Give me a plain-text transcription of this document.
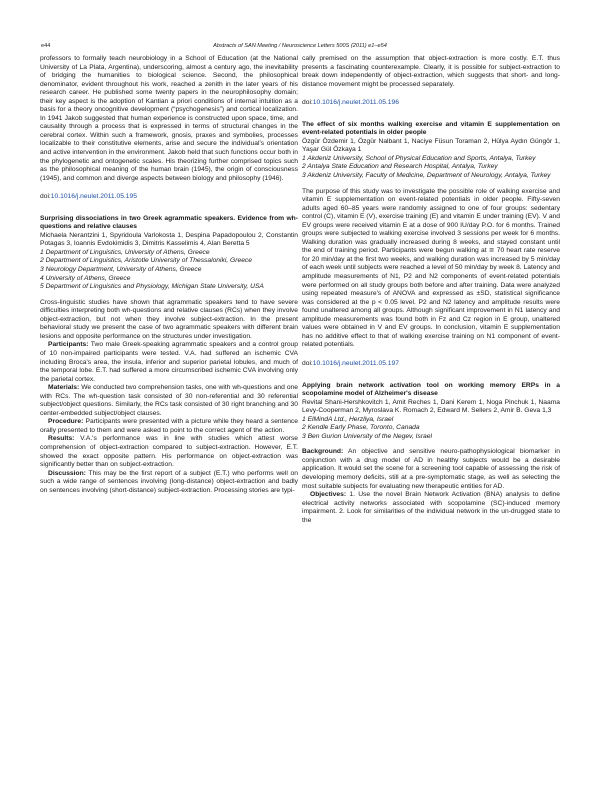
e44	Abstracts of SAN Meeting / Neuroscience Letters 500S (2011) e1–e54

professors to formally teach neurobiology in a School of Education (at the National University of La Plata, Argentina), underscoring, almost a century ago, the inevitability of bridging the humanities to biological science. Second, the philosophical denominator, evident throughout his work, reached a zenith in the later years of his research career. He published some twenty papers in the neurophilosophy domain; their key aspect is the adoption of Kantian a priori conditions of internal intuition as a basis for a theory oncognitive development (“psychogenesis”) and cortical localization. In 1941 Jakob suggested that human experience is constructed upon space, time, and causality through a process that is expressed in terms of structural changes in the cerebral cortex. Within such a framework, gnosis, praxes and symbolies, processes localizable to their constitutive elements, arise and secure the individual's orientation and active intervention in the environment. Jakob held that such functions occur both in the phylogenetic and ontogenetic scales. His theorizing further comprised topics such as the philosophical meaning of the human brain (1945), the origin of consciousness (1945), and common and diverge aspects between biology and philosophy (1946).

doi:10.1016/j.neulet.2011.05.195

Surprising dissociations in two Greek agrammatic speakers. Evidence from wh-questions and relative clauses

Michaela Nerantzini 1, Spyridoula Varlokosta 1, Despina Papadopoulou 2, Constantin Potagas 3, Ioannis Evdokimidis 3, Dimitris Kasselimis 4, Alan Beretta 5

1 Department of Linguistics, University of Athens, Greece

2 Department of Linguistics, Aristotle University of Thessaloniki, Greece

3 Neurology Department, University of Athens, Greece

4 University of Athens, Greece

5 Department of Linguistics and Physiology, Michigan State University, USA

Cross-linguistic studies have shown that agrammatic speakers tend to have severe difficulties interpreting both wh-questions and relative clauses (RCs) when they involve object-extraction, but not when they involve subject-extraction. In the present behavioral study we present the case of two agrammatic speakers with different brain lesions and opposite performance on the structures under investigation.

Participants: Two male Greek-speaking agrammatic speakers and a control group of 10 non-impaired participants were tested. V.A. had suffered an ischemic CVA including Broca's area, the insula, inferior and superior parietal lobules, and much of the temporal lobe. E.T. had suffered a more circumscribed ischemic CVA involving only the parietal cortex.

Materials: We conducted two comprehension tasks, one with wh-questions and one with RCs. The wh-question task consisted of 30 non-referential and 30 referential subject/object questions. Similarly, the RCs task consisted of 30 right branching and 30 center-embedded subject/object clauses.

Procedure: Participants were presented with a picture while they heard a sentence orally presented to them and were asked to point to the correct agent of the action.

Results: V.A.'s performance was in line with studies which attest worse comprehension of object-extraction compared to subject-extraction. However, E.T. showed the exact opposite pattern. His performance on object-extraction was significantly better than on subject-extraction.

Discussion: This may be the first report of a subject (E.T.) who performs well on such a wide range of sentences involving (long-distance) object-extraction and badly on sentences involving (short-distance) subject-extraction. Processing stories are typi-

cally premised on the assumption that object-extraction is more costly. E.T. thus presents a fascinating counterexample. Clearly, it is possible for subject-extraction to break down independently of object-extraction, which suggests that short- and long-distance movement might be processed separately.

doi:10.1016/j.neulet.2011.05.196

The effect of six months walking exercise and vitamin E supplementation on event-related potentials in older people

Özgür Özdemir 1, Özgür Nalbant 1, Naciye Füsun Toraman 2, Hülya Aydın Güngör 1, Yaşar Gül Özkaya 1

1 Akdeniz University, School of Physical Education and Sports, Antalya, Turkey

2 Antalya State Education and Research Hospital, Antalya, Turkey

3 Akdeniz University, Faculty of Medicine, Department of Neurology, Antalya, Turkey

The purpose of this study was to investigate the possible role of walking exercise and vitamin E supplementation on event-related potentials in older people. Fifty-seven adults aged 60–85 years were randomly assigned to one of four groups: sedentary control (C), vitamin E (V), exercise training (E) and vitamin E under training (EV). V and EV groups were received vitamin E at a dose of 900 IU/day P.O. for 6 months. Trained groups were subjected to walking exercise involved 3 sessions per week for 6 months. Walking duration was gradually increased during 8 weeks, and stayed constant until the end of training period. Participants were begun walking at ≅ 70 heart rate reserve for 20 min/day at the first two weeks, and walking duration was increased by 5 min/day of each week until subjects were reached a level of 50 min/day by week 8. Latency and amplitude measurements of N1, P2 and N2 components of event-related potentials were performed on all study groups both before and after training. Data were analyzed using repeated measure's of ANOVA and expressed as ±SD, statistical significance was considered at the p < 0.05 level. P2 and N2 latency and amplitude results were found unaltered among all groups. Although significant improvement in N1 latency and amplitude measurements was found both in Fz and Cz region in E group, unaltered values were obtained in V and EV groups. In conclusion, vitamin E supplementation has no additive effect to that of walking exercise training on N1 component of event-related potentials.

doi:10.1016/j.neulet.2011.05.197

Applying brain network activation tool on working memory ERPs in a scopolamine model of Alzheimer's disease

Revital Shani-Hershkovitch 1, Amit Reches 1, Dani Kerem 1, Noga Pinchuk 1, Naama Levy-Cooperman 2, Myroslava K. Romach 2, Edward M. Sellers 2, Amir B. Geva 1,3

1 ElMindA Ltd., Herzliya, Israel

2 Kendle Early Phase, Toronto, Canada

3 Ben Gurion University of the Negev, Israel

Background: An objective and sensitive neuro-pathophysiological biomarker in conjunction with a drug model of AD in healthy subjects would be a desirable application. It would set the scene for a screening tool capable of assessing the risk of developing memory deficits, still at a pre-symptomatic stage, as well as selecting the most suitable subjects for evaluating new therapeutic entities for AD.

Objectives: 1. Use the novel Brain Network Activation (BNA) analysis to define electrical activity networks associated with scopolamine (SC)-induced memory impairment. 2. Look for similarities of the individual network in the un-drugged state to the
